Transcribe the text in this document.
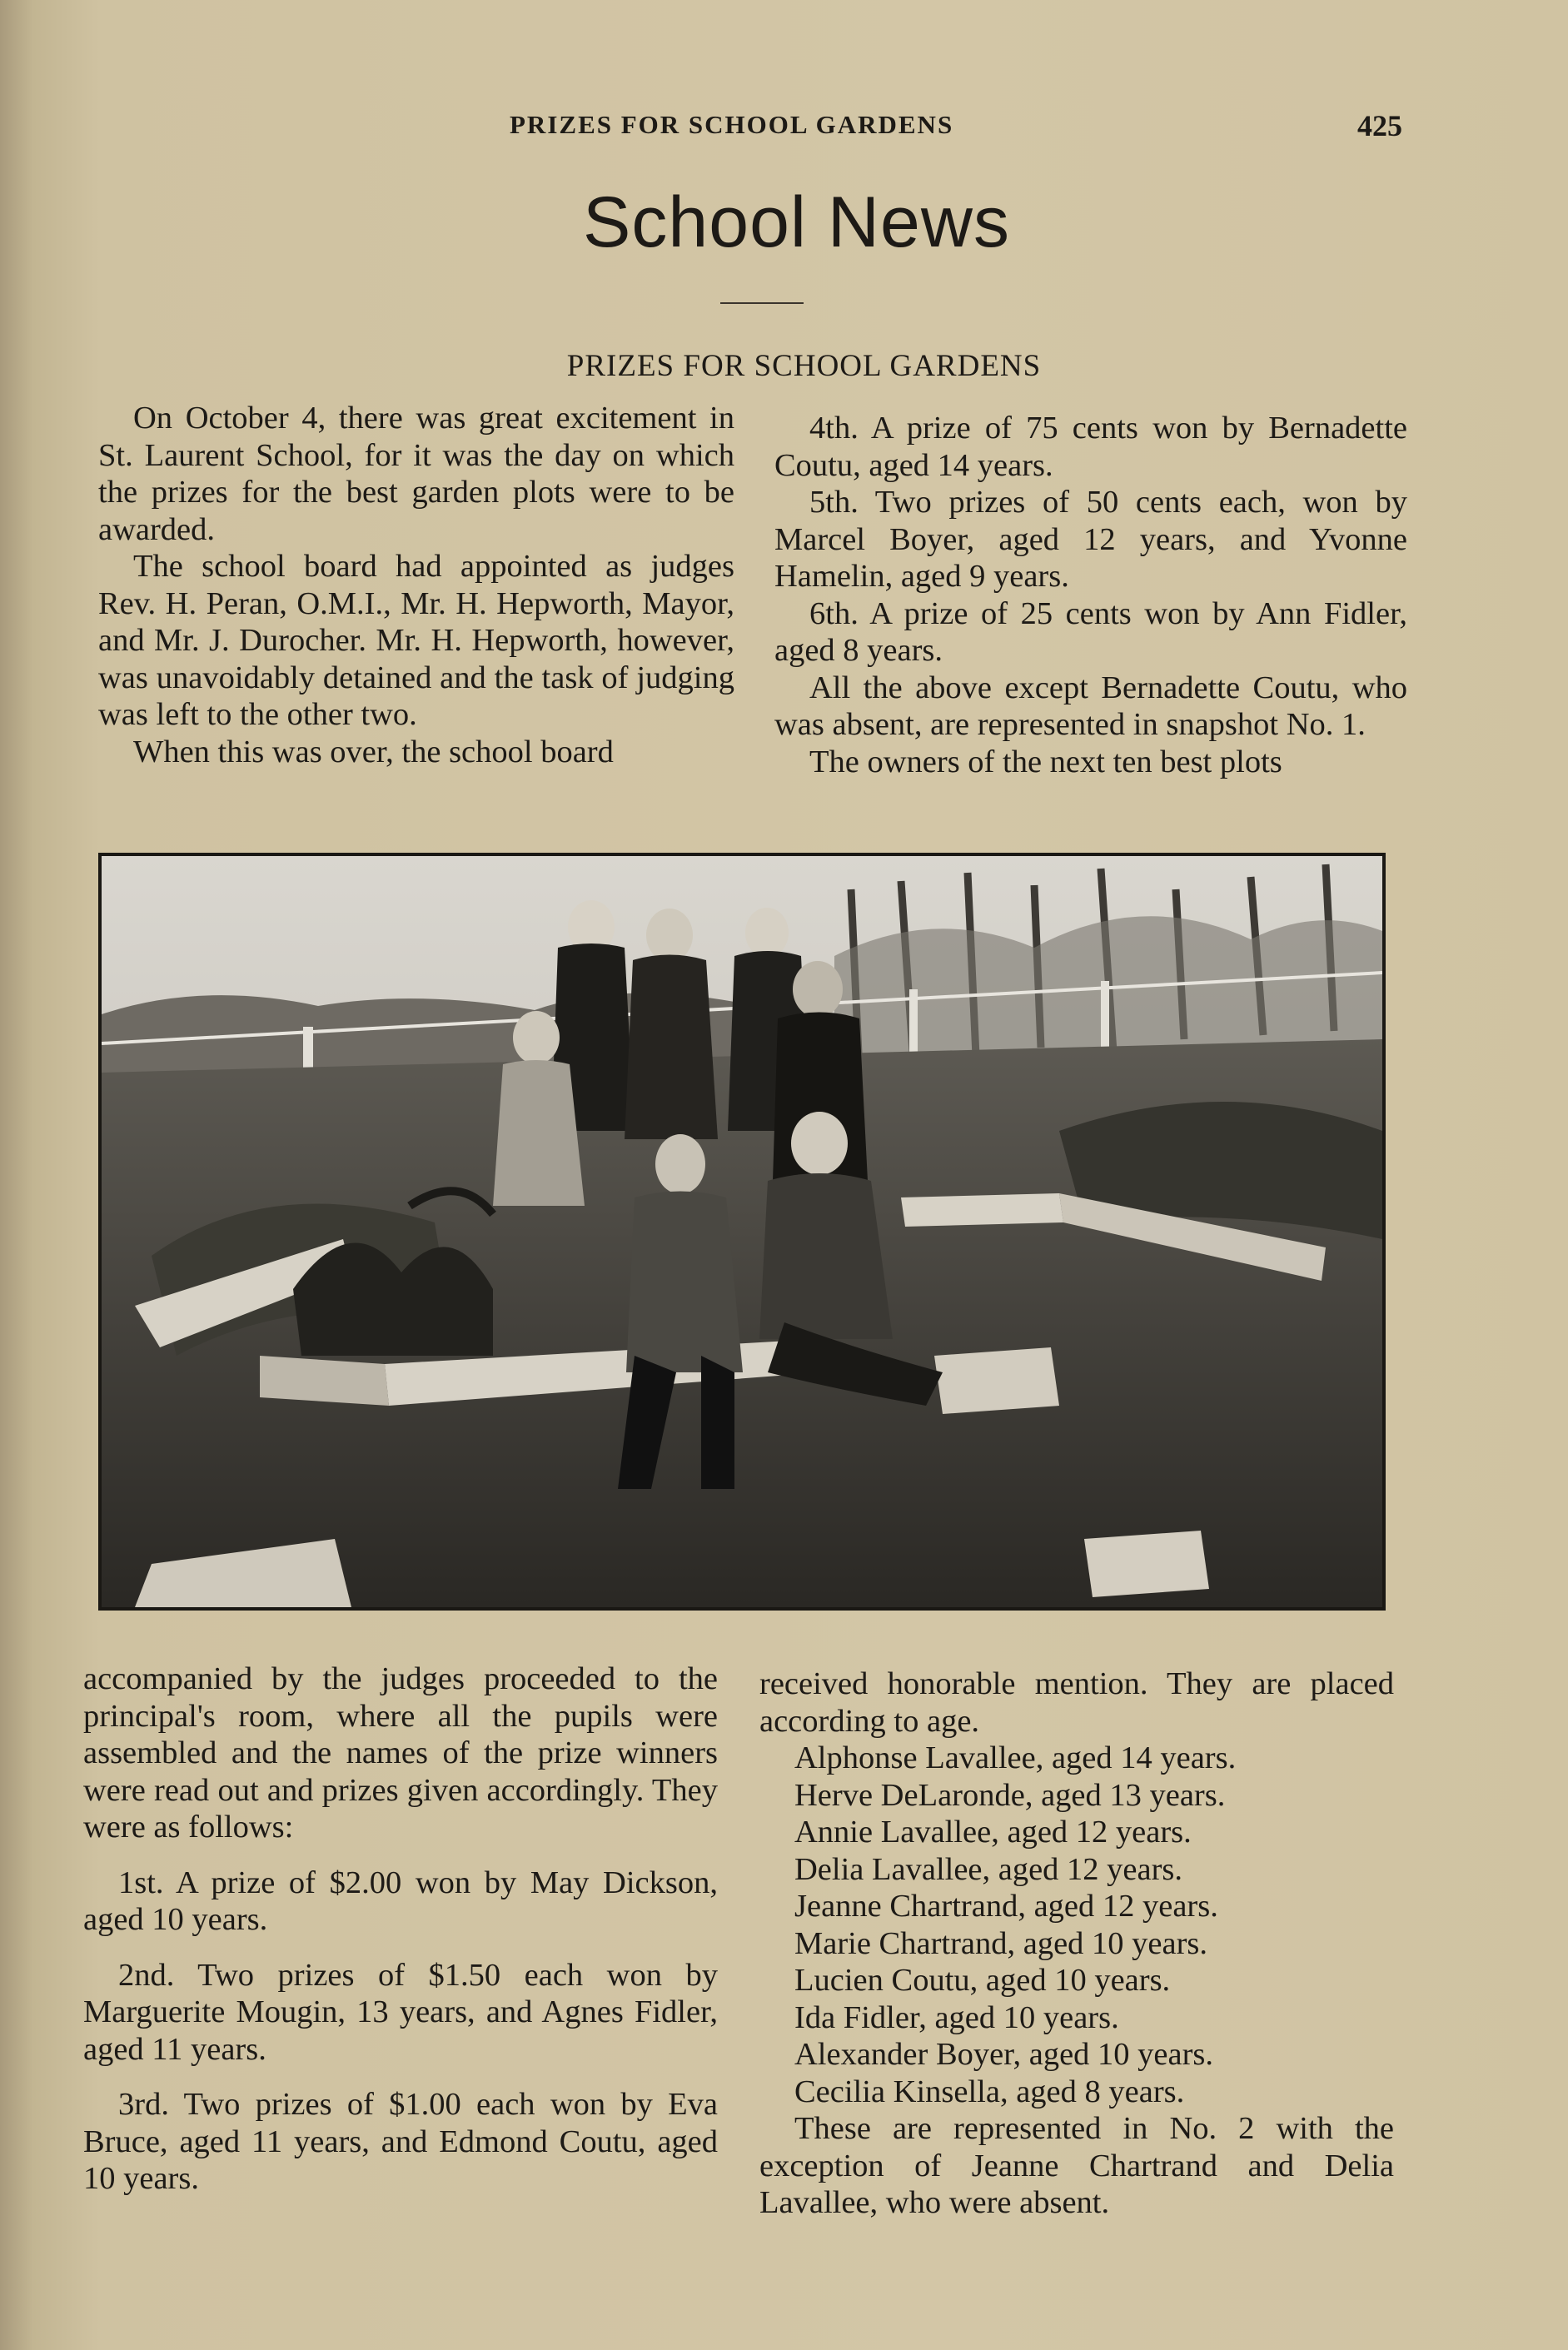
PRIZES FOR SCHOOL GARDENS	425
School News
PRIZES FOR SCHOOL GARDENS

On October 4, there was great excitement in St. Laurent School, for it was the day on which the prizes for the best garden plots were to be awarded.

The school board had appointed as judges Rev. H. Peran, O.M.I., Mr. H. Hepworth, Mayor, and Mr. J. Durocher. Mr. H. Hepworth, however, was unavoidably detained and the task of judging was left to the other two.

When this was over, the school board

4th. A prize of 75 cents won by Bernadette Coutu, aged 14 years.

5th. Two prizes of 50 cents each, won by Marcel Boyer, aged 12 years, and Yvonne Hamelin, aged 9 years.

6th. A prize of 25 cents won by Ann Fidler, aged 8 years.

All the above except Bernadette Coutu, who was absent, are represented in snapshot No. 1.

The owners of the next ten best plots

accompanied by the judges proceeded to the principal's room, where all the pupils were assembled and the names of the prize winners were read out and prizes given accordingly. They were as follows:

1st. A prize of $2.00 won by May Dickson, aged 10 years.

2nd. Two prizes of $1.50 each won by Marguerite Mougin, 13 years, and Agnes Fidler, aged 11 years.

3rd. Two prizes of $1.00 each won by Eva Bruce, aged 11 years, and Edmond Coutu, aged 10 years.

received honorable mention. They are placed according to age.

Alphonse Lavallee, aged 14 years.

Herve DeLaronde, aged 13 years.

Annie Lavallee, aged 12 years.

Delia Lavallee, aged 12 years.

Jeanne Chartrand, aged 12 years.

Marie Chartrand, aged 10 years.

Lucien Coutu, aged 10 years.

Ida Fidler, aged 10 years.

Alexander Boyer, aged 10 years.

Cecilia Kinsella, aged 8 years.

These are represented in No. 2 with the exception of Jeanne Chartrand and Delia Lavallee, who were absent.
